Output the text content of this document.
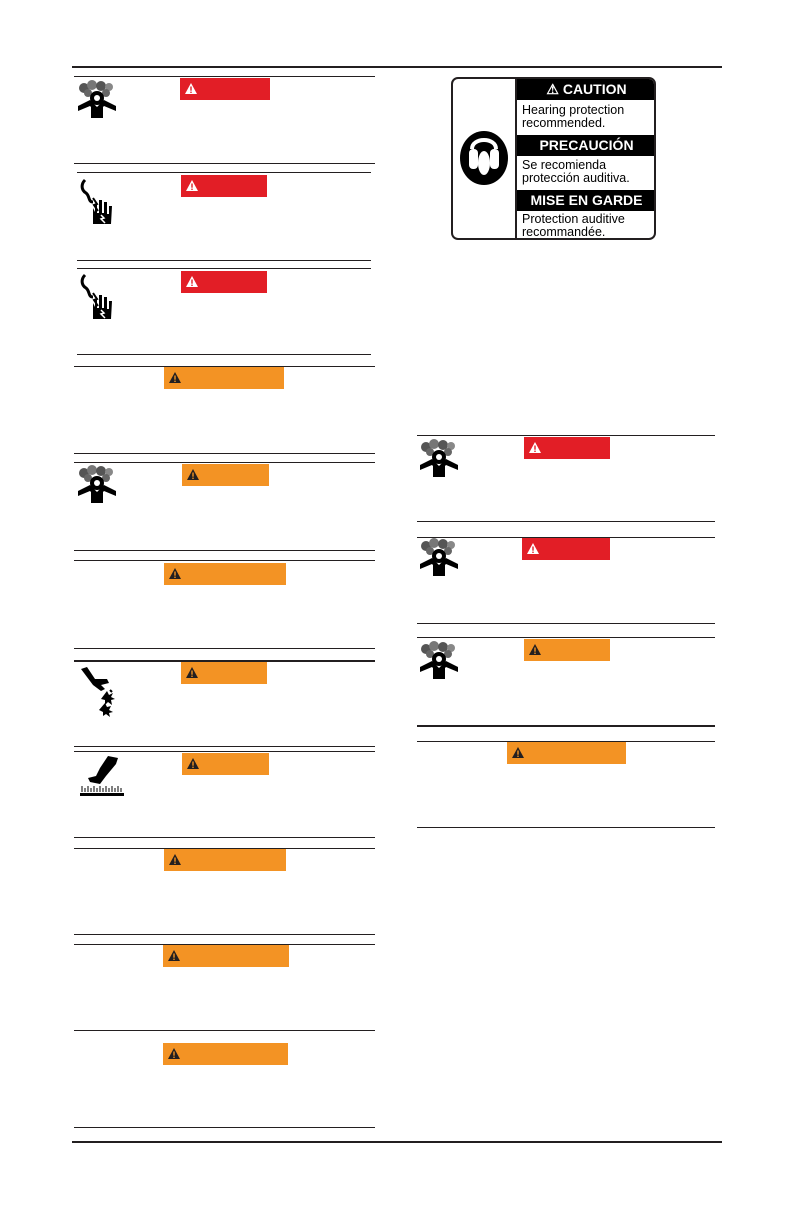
⚠ CAUTION
Hearing protection recommended.
PRECAUCIÓN
Se recomienda protección auditiva.
MISE EN GARDE
Protection auditive recommandée.
